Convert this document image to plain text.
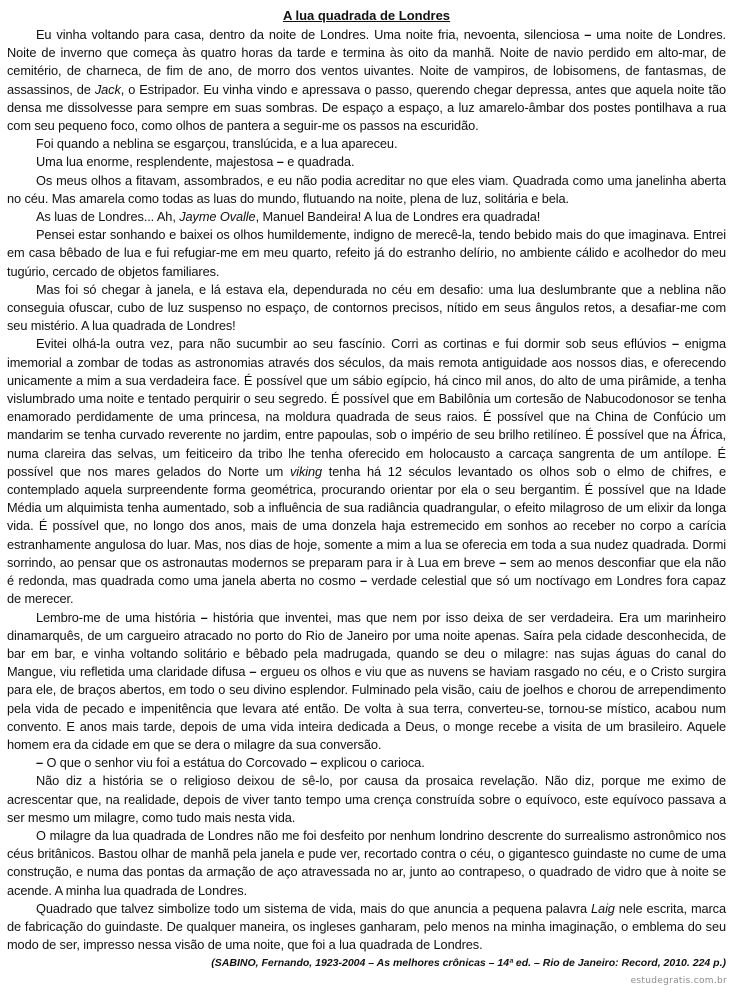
A lua quadrada de Londres

Eu vinha voltando para casa, dentro da noite de Londres. Uma noite fria, nevoenta, silenciosa – uma noite de Londres. Noite de inverno que começa às quatro horas da tarde e termina às oito da manhã. Noite de navio perdido em alto-mar, de cemitério, de charneca, de fim de ano, de morro dos ventos uivantes. Noite de vampiros, de lobisomens, de fantasmas, de assassinos, de Jack, o Estripador. Eu vinha vindo e apressava o passo, querendo chegar depressa, antes que aquela noite tão densa me dissolvesse para sempre em suas sombras. De espaço a espaço, a luz amarelo-âmbar dos postes pontilhava a rua com seu pequeno foco, como olhos de pantera a seguir-me os passos na escuridão.

Foi quando a neblina se esgarçou, translúcida, e a lua apareceu.

Uma lua enorme, resplendente, majestosa – e quadrada.

Os meus olhos a fitavam, assombrados, e eu não podia acreditar no que eles viam. Quadrada como uma janelinha aberta no céu. Mas amarela como todas as luas do mundo, flutuando na noite, plena de luz, solitária e bela.

As luas de Londres... Ah, Jayme Ovalle, Manuel Bandeira! A lua de Londres era quadrada!

Pensei estar sonhando e baixei os olhos humildemente, indigno de merecê-la, tendo bebido mais do que imaginava. Entrei em casa bêbado de lua e fui refugiar-me em meu quarto, refeito já do estranho delírio, no ambiente cálido e acolhedor do meu tugúrio, cercado de objetos familiares.

Mas foi só chegar à janela, e lá estava ela, dependurada no céu em desafio: uma lua deslumbrante que a neblina não conseguia ofuscar, cubo de luz suspenso no espaço, de contornos precisos, nítido em seus ângulos retos, a desafiar-me com seu mistério. A lua quadrada de Londres!

Evitei olhá-la outra vez, para não sucumbir ao seu fascínio. Corri as cortinas e fui dormir sob seus eflúvios – enigma imemorial a zombar de todas as astronomias através dos séculos, da mais remota antiguidade aos nossos dias, e oferecendo unicamente a mim a sua verdadeira face. É possível que um sábio egípcio, há cinco mil anos, do alto de uma pirâmide, a tenha vislumbrado uma noite e tentado perquirir o seu segredo. É possível que em Babilônia um cortesão de Nabucodonosor se tenha enamorado perdidamente de uma princesa, na moldura quadrada de seus raios. É possível que na China de Confúcio um mandarim se tenha curvado reverente no jardim, entre papoulas, sob o império de seu brilho retilíneo. É possível que na África, numa clareira das selvas, um feiticeiro da tribo lhe tenha oferecido em holocausto a carcaça sangrenta de um antílope. É possível que nos mares gelados do Norte um viking tenha há 12 séculos levantado os olhos sob o elmo de chifres, e contemplado aquela surpreendente forma geométrica, procurando orientar por ela o seu bergantim. É possível que na Idade Média um alquimista tenha aumentado, sob a influência de sua radiância quadrangular, o efeito milagroso de um elixir da longa vida. É possível que, no longo dos anos, mais de uma donzela haja estremecido em sonhos ao receber no corpo a carícia estranhamente angulosa do luar. Mas, nos dias de hoje, somente a mim a lua se oferecia em toda a sua nudez quadrada. Dormi sorrindo, ao pensar que os astronautas modernos se preparam para ir à Lua em breve – sem ao menos desconfiar que ela não é redonda, mas quadrada como uma janela aberta no cosmo – verdade celestial que só um noctívago em Londres fora capaz de merecer.

Lembro-me de uma história – história que inventei, mas que nem por isso deixa de ser verdadeira. Era um marinheiro dinamarquês, de um cargueiro atracado no porto do Rio de Janeiro por uma noite apenas. Saíra pela cidade desconhecida, de bar em bar, e vinha voltando solitário e bêbado pela madrugada, quando se deu o milagre: nas sujas águas do canal do Mangue, viu refletida uma claridade difusa – ergueu os olhos e viu que as nuvens se haviam rasgado no céu, e o Cristo surgira para ele, de braços abertos, em todo o seu divino esplendor. Fulminado pela visão, caiu de joelhos e chorou de arrependimento pela vida de pecado e impenitência que levara até então. De volta à sua terra, converteu-se, tornou-se místico, acabou num convento. E anos mais tarde, depois de uma vida inteira dedicada a Deus, o monge recebe a visita de um brasileiro. Aquele homem era da cidade em que se dera o milagre da sua conversão.

– O que o senhor viu foi a estátua do Corcovado – explicou o carioca.

Não diz a história se o religioso deixou de sê-lo, por causa da prosaica revelação. Não diz, porque me eximo de acrescentar que, na realidade, depois de viver tanto tempo uma crença construída sobre o equívoco, este equívoco passava a ser mesmo um milagre, como tudo mais nesta vida.

O milagre da lua quadrada de Londres não me foi desfeito por nenhum londrino descrente do surrealismo astronômico nos céus britânicos. Bastou olhar de manhã pela janela e pude ver, recortado contra o céu, o gigantesco guindaste no cume de uma construção, e numa das pontas da armação de aço atravessada no ar, junto ao contrapeso, o quadrado de vidro que à noite se acende. A minha lua quadrada de Londres.

Quadrado que talvez simbolize todo um sistema de vida, mais do que anuncia a pequena palavra Laig nele escrita, marca de fabricação do guindaste. De qualquer maneira, os ingleses ganharam, pelo menos na minha imaginação, o emblema do seu modo de ser, impresso nessa visão de uma noite, que foi a lua quadrada de Londres.

(SABINO, Fernando, 1923-2004 – As melhores crônicas – 14ª ed. – Rio de Janeiro: Record, 2010. 224 p.)
estudegratis.com.br
